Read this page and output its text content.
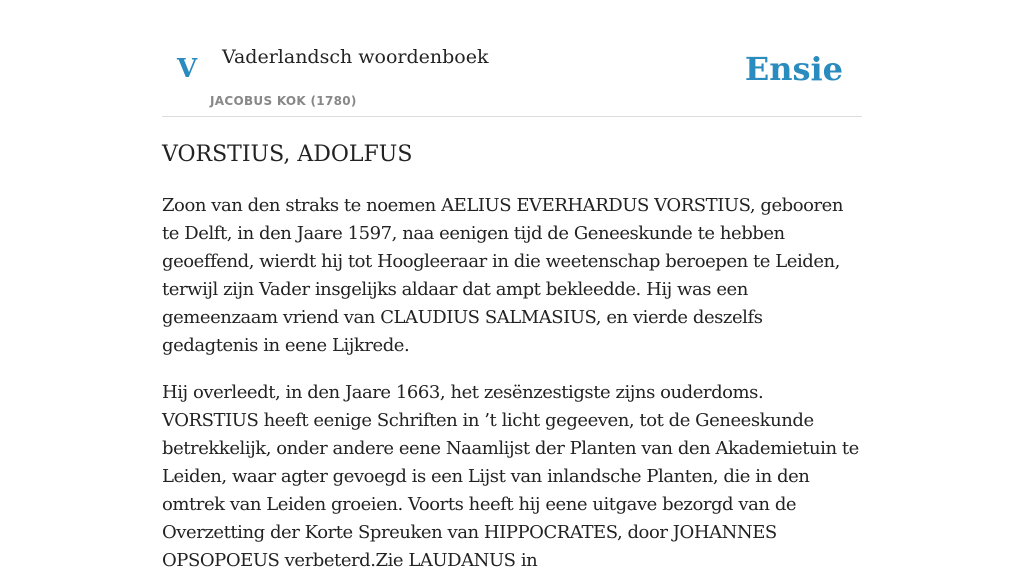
V Vaderlandsch woordenboek
JACOBUS KOK (1780)
Ensie
VORSTIUS, ADOLFUS

Zoon van den straks te noemen AELIUS EVERHARDUS VORSTIUS, gebooren te Delft, in den Jaare 1597, naa eenigen tijd de Geneeskunde te hebben geoeffend, wierdt hij tot Hoogleeraar in die weetenschap beroepen te Leiden, terwijl zijn Vader insgelijks aldaar dat ampt bekleedde. Hij was een gemeenzaam vriend van CLAUDIUS SALMASIUS, en vierde deszelfs gedagtenis in eene Lijkrede.

Hij overleedt, in den Jaare 1663, het zesënzestigste zijns ouderdoms. VORSTIUS heeft eenige Schriften in ’t licht gegeeven, tot de Geneeskunde betrekkelijk, onder andere eene Naamlijst der Planten van den Akademietuin te Leiden, waar agter gevoegd is een Lijst van inlandsche Planten, die in den omtrek van Leiden groeien. Voorts heeft hij eene uitgave bezorgd van de Overzetting der Korte Spreuken van HIPPOCRATES, door JOHANNES OPSOPOEUS verbeterd.Zie LAUDANUS in
